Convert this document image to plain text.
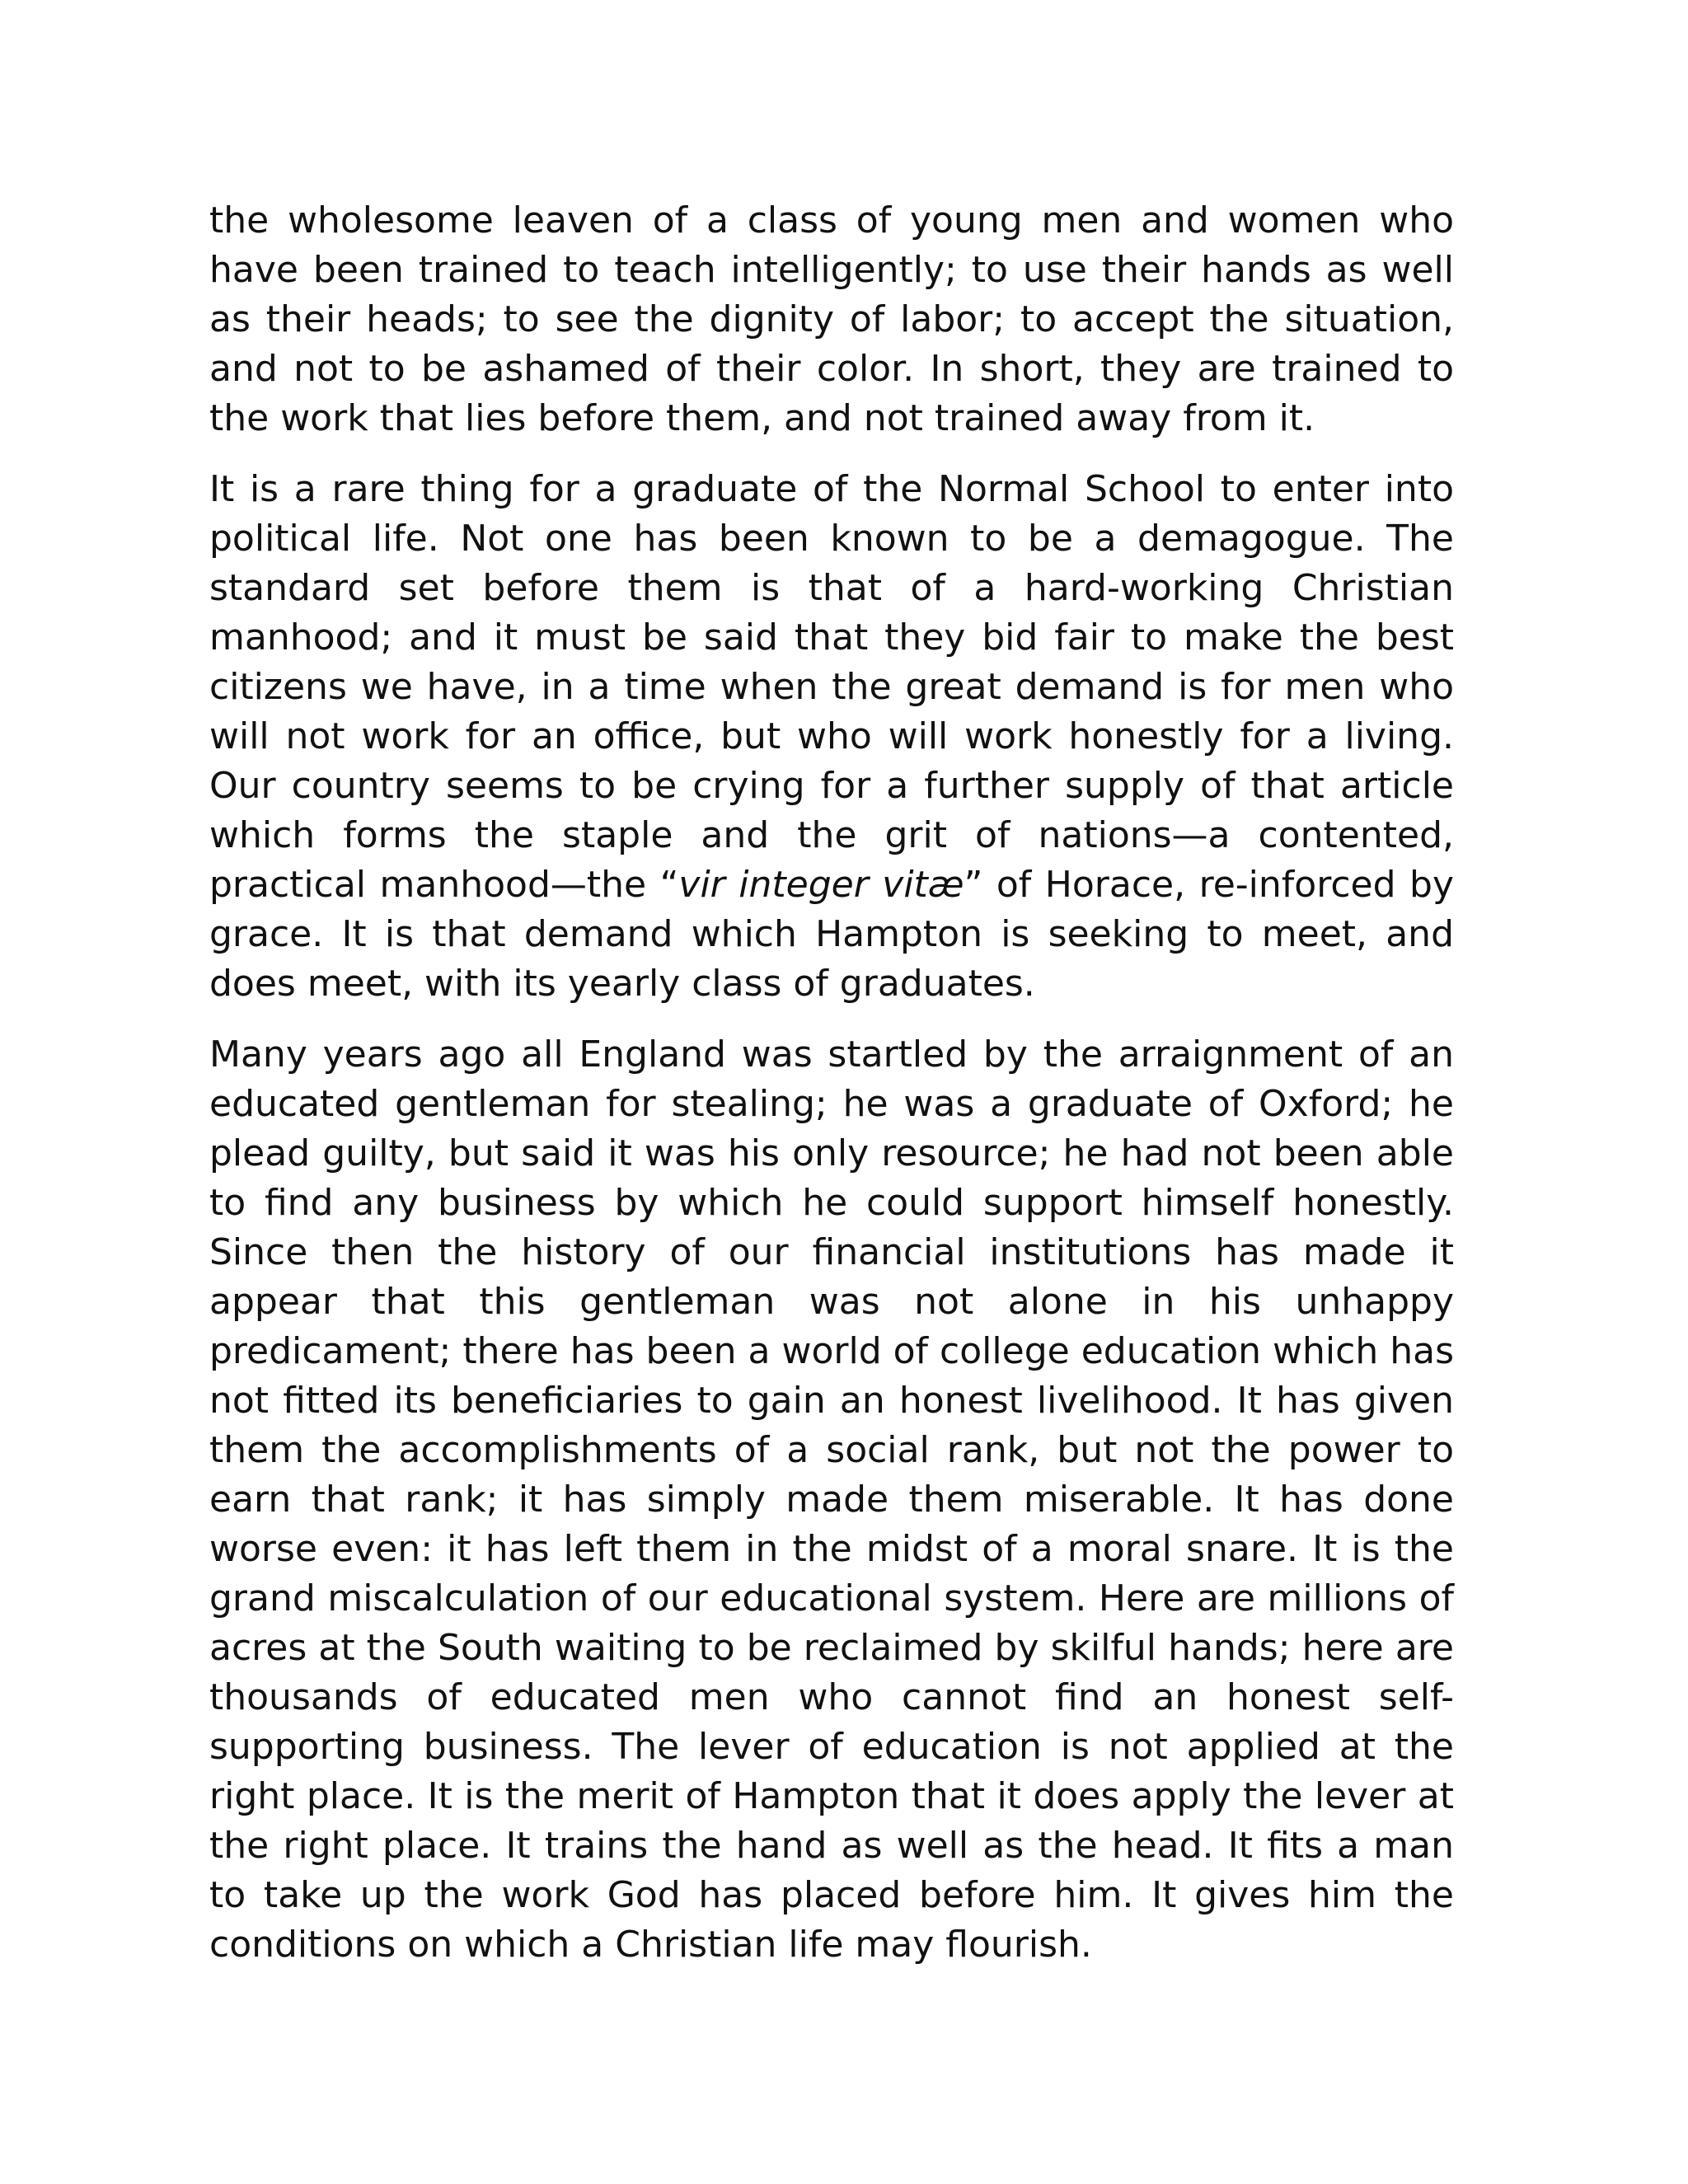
the wholesome leaven of a class of young men and women who have been trained to teach intelligently; to use their hands as well as their heads; to see the dignity of labor; to accept the situation, and not to be ashamed of their color. In short, they are trained to the work that lies before them, and not trained away from it.

It is a rare thing for a graduate of the Normal School to enter into political life. Not one has been known to be a demagogue. The standard set before them is that of a hard-working Christian manhood; and it must be said that they bid fair to make the best citizens we have, in a time when the great demand is for men who will not work for an office, but who will work honestly for a living. Our country seems to be crying for a further supply of that article which forms the staple and the grit of nations—a contented, practical manhood—the “vir integer vitæ” of Horace, re-inforced by grace. It is that demand which Hampton is seeking to meet, and does meet, with its yearly class of graduates.

Many years ago all England was startled by the arraignment of an educated gentleman for stealing; he was a graduate of Oxford; he plead guilty, but said it was his only resource; he had not been able to find any business by which he could support himself honestly. Since then the history of our financial institutions has made it appear that this gentleman was not alone in his unhappy predicament; there has been a world of college education which has not fitted its beneficiaries to gain an honest livelihood. It has given them the accomplishments of a social rank, but not the power to earn that rank; it has simply made them miserable. It has done worse even: it has left them in the midst of a moral snare. It is the grand miscalculation of our educational system. Here are millions of acres at the South waiting to be reclaimed by skilful hands; here are thousands of educated men who cannot find an honest self-supporting business. The lever of education is not applied at the right place. It is the merit of Hampton that it does apply the lever at the right place. It trains the hand as well as the head. It fits a man to take up the work God has placed before him. It gives him the conditions on which a Christian life may flourish.
